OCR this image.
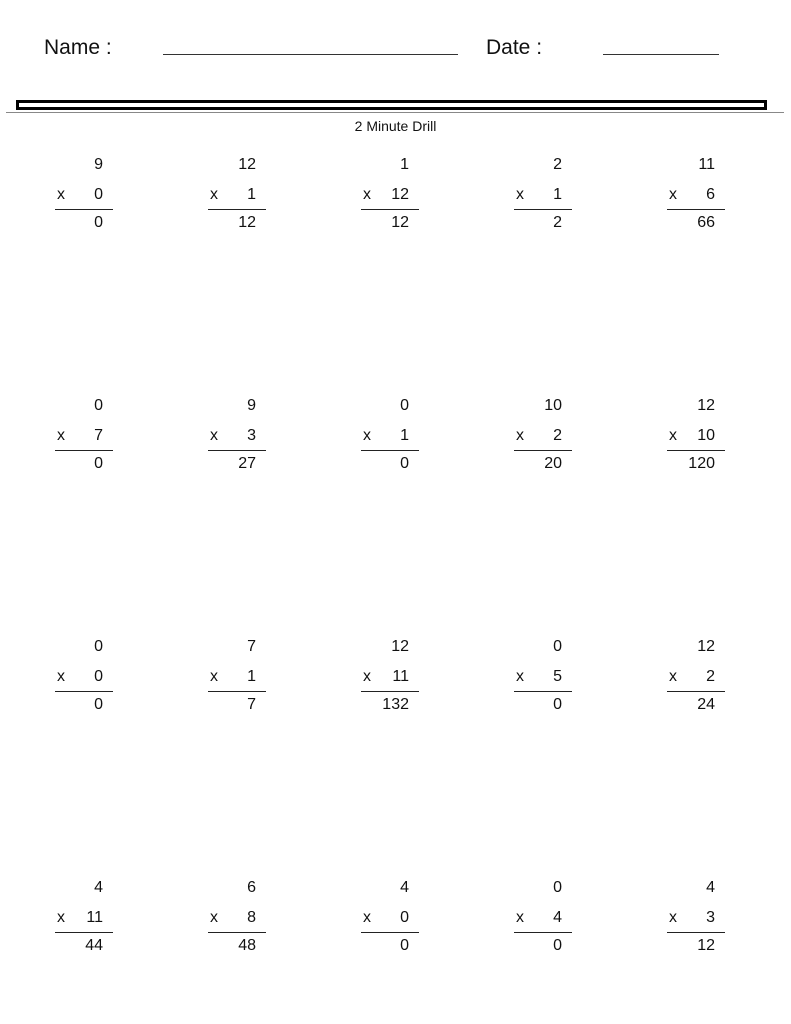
Name :	Date :
2 Minute Drill
9
x 0
0
12
x 1
12
1
x 12
12
2
x 1
2
11
x 6
66
0
x 7
0
9
x 3
27
0
x 1
0
10
x 2
20
12
x 10
120
0
x 0
0
7
x 1
7
12
x 11
132
0
x 5
0
12
x 2
24
4
x 11
44
6
x 8
48
4
x 0
0
0
x 4
0
4
x 3
12
